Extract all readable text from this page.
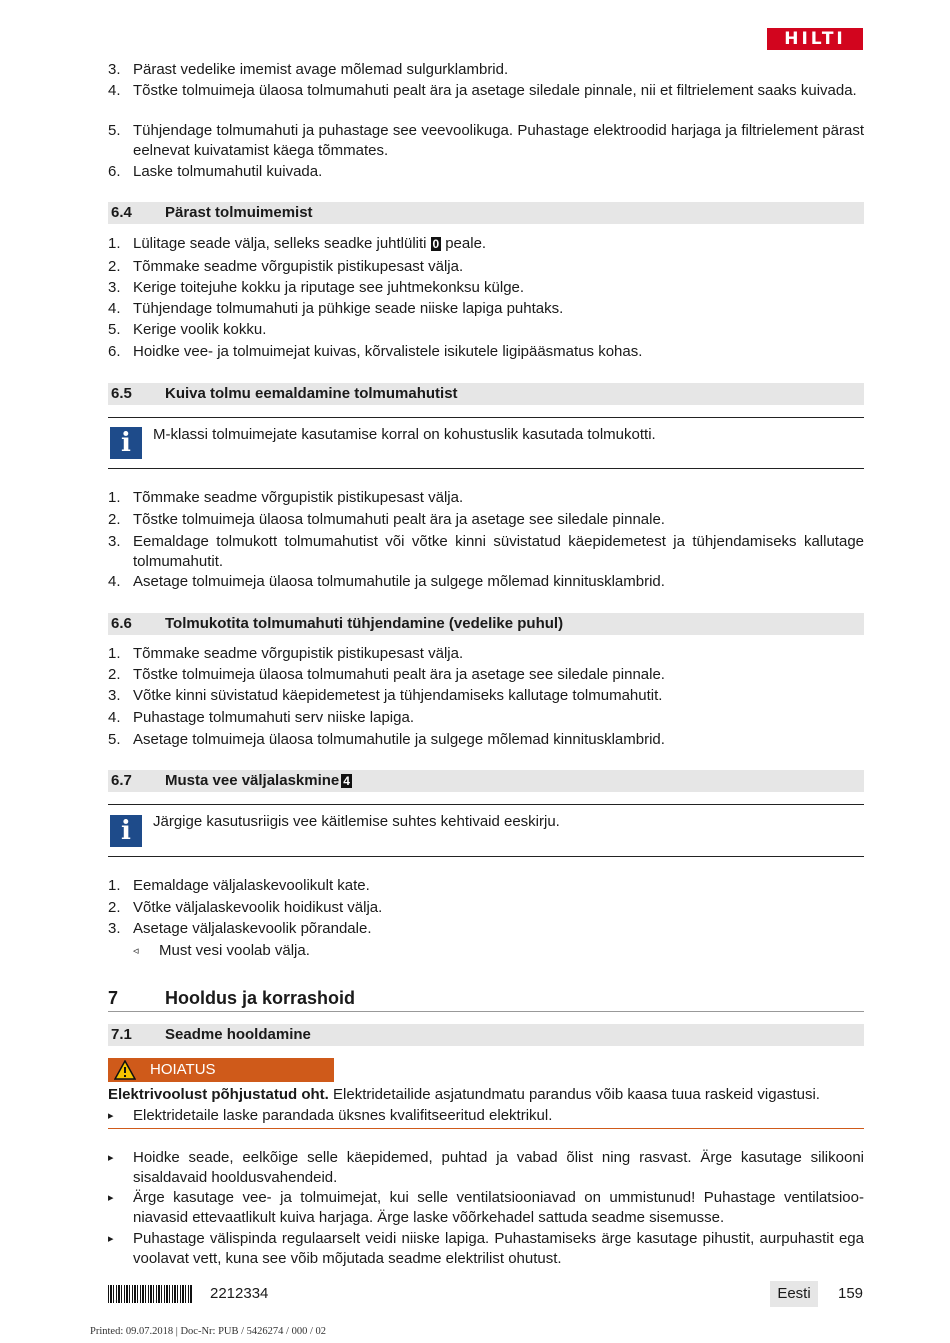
HILTI
3. Pärast vedelike imemist avage mõlemad sulgurklambrid.
4. Tõstke tolmuimeja ülaosa tolmumahuti pealt ära ja asetage siledale pinnale, nii et filtrielement saaks kuivada.
5. Tühjendage tolmumahuti ja puhastage see veevoolikuga. Puhastage elektroodid harjaga ja filtrielement pärast eelnevat kuivatamist käega tõmmates.
6. Laske tolmumahutil kuivada.
6.4 Pärast tolmuimemist
1. Lülitage seade välja, selleks seadke juhtlüliti 0 peale.
2. Tõmmake seadme võrgupistik pistikupesast välja.
3. Kerige toitejuhe kokku ja riputage see juhtmekonksu külge.
4. Tühjendage tolmumahuti ja pühkige seade niiske lapiga puhtaks.
5. Kerige voolik kokku.
6. Hoidke vee- ja tolmuimejat kuivas, kõrvalistele isikutele ligipääsmatus kohas.
6.5 Kuiva tolmu eemaldamine tolmumahutist
i	M-klassi tolmuimejate kasutamise korral on kohustuslik kasutada tolmukotti.
1. Tõmmake seadme võrgupistik pistikupesast välja.
2. Tõstke tolmuimeja ülaosa tolmumahuti pealt ära ja asetage see siledale pinnale.
3. Eemaldage tolmukott tolmumahutist või võtke kinni süvistatud käepidemetest ja tühjendamiseks kallutage tolmumahutit.
4. Asetage tolmuimeja ülaosa tolmumahutile ja sulgege mõlemad kinnitusklambrid.
6.6 Tolmukotita tolmumahuti tühjendamine (vedelike puhul)
1. Tõmmake seadme võrgupistik pistikupesast välja.
2. Tõstke tolmuimeja ülaosa tolmumahuti pealt ära ja asetage see siledale pinnale.
3. Võtke kinni süvistatud käepidemetest ja tühjendamiseks kallutage tolmumahutit.
4. Puhastage tolmumahuti serv niiske lapiga.
5. Asetage tolmuimeja ülaosa tolmumahutile ja sulgege mõlemad kinnitusklambrid.
6.7 Musta vee väljalaskmine 4
i	Järgige kasutusriigis vee käitlemise suhtes kehtivaid eeskirju.
1. Eemaldage väljalaskevoolikult kate.
2. Võtke väljalaskevoolik hoidikust välja.
3. Asetage väljalaskevoolik põrandale.
◃ Must vesi voolab välja.
7	Hooldus ja korrashoid
7.1 Seadme hooldamine
HOIATUS
Elektrivoolust põhjustatud oht. Elektridetailide asjatundmatu parandus võib kaasa tuua raskeid vigastusi.
▸ Elektridetaile laske parandada üksnes kvalifitseeritud elektrikul.
▸ Hoidke seade, eelkõige selle käepidemed, puhtad ja vabad õlist ning rasvast. Ärge kasutage silikooni sisaldavaid hooldusvahendeid.
▸ Ärge kasutage vee- ja tolmuimejat, kui selle ventilatsiooniavad on ummistunud! Puhastage ventilatsiooniavasid ettevaatlikult kuiva harjaga. Ärge laske võõrkehadel sattuda seadme sisemusse.
▸ Puhastage välispinda regulaarselt veidi niiske lapiga. Puhastamiseks ärge kasutage pihustit, aurpuhastit ega voolavat vett, kuna see võib mõjutada seadme elektrilist ohutust.
2212334	Eesti	159
Printed: 09.07.2018 | Doc-Nr: PUB / 5426274 / 000 / 02
